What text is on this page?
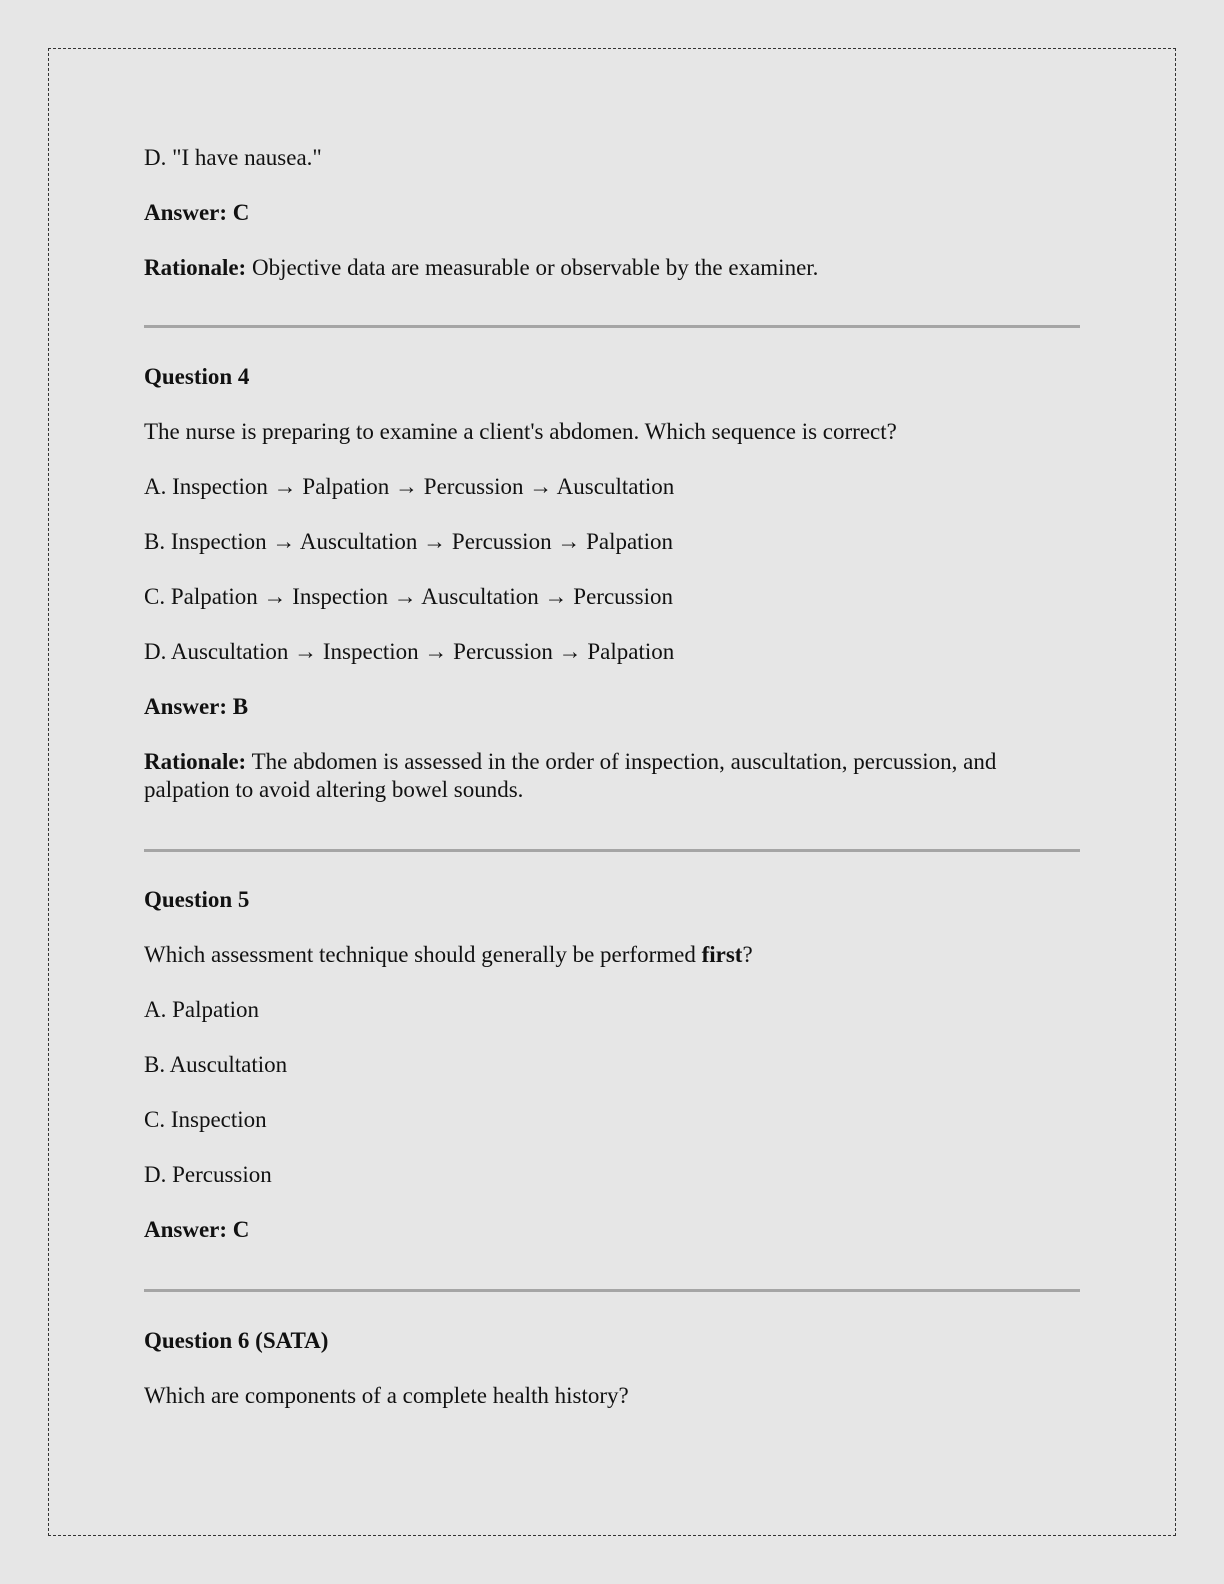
D. "I have nausea."

Answer: C

Rationale: Objective data are measurable or observable by the examiner.

Question 4

The nurse is preparing to examine a client's abdomen. Which sequence is correct?

A. Inspection → Palpation → Percussion → Auscultation

B. Inspection → Auscultation → Percussion → Palpation

C. Palpation → Inspection → Auscultation → Percussion

D. Auscultation → Inspection → Percussion → Palpation

Answer: B

Rationale: The abdomen is assessed in the order of inspection, auscultation, percussion, and palpation to avoid altering bowel sounds.

Question 5

Which assessment technique should generally be performed first?

A. Palpation

B. Auscultation

C. Inspection

D. Percussion

Answer: C

Question 6 (SATA)

Which are components of a complete health history?
